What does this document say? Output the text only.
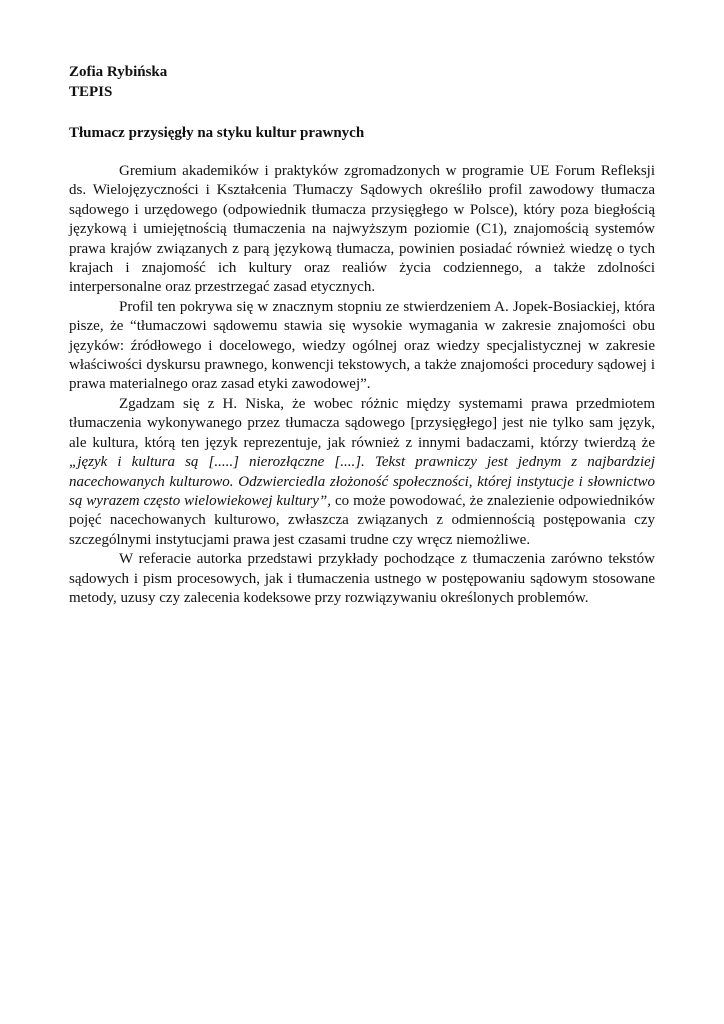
Zofia Rybińska
TEPIS
Tłumacz przysięgły na styku kultur prawnych

Gremium akademików i praktyków zgromadzonych w programie UE Forum Refleksji ds. Wielojęzyczności i Kształcenia Tłumaczy Sądowych określiło profil zawodowy tłumacza sądowego i urzędowego (odpowiednik tłumacza przysięgłego w Polsce), który poza biegłością językową i umiejętnością tłumaczenia na najwyższym poziomie (C1), znajomością systemów prawa krajów związanych z parą językową tłumacza, powinien posiadać również wiedzę o tych krajach i znajomość ich kultury oraz realiów życia codziennego, a także zdolności interpersonalne oraz przestrzegać zasad etycznych.

Profil ten pokrywa się w znacznym stopniu ze stwierdzeniem A. Jopek-Bosiackiej, która pisze, że “tłumaczowi sądowemu stawia się wysokie wymagania w zakresie znajomości obu języków: źródłowego i docelowego, wiedzy ogólnej oraz wiedzy specjalistycznej w zakresie właściwości dyskursu prawnego, konwencji tekstowych, a także znajomości procedury sądowej i prawa materialnego oraz zasad etyki zawodowej”.

Zgadzam się z H. Niska, że wobec różnic między systemami prawa przedmiotem tłumaczenia wykonywanego przez tłumacza sądowego [przysięgłego] jest nie tylko sam język, ale kultura, którą ten język reprezentuje, jak również z innymi badaczami, którzy twierdzą że „język i kultura są [.....] nierozłączne [....]. Tekst prawniczy jest jednym z najbardziej nacechowanych kulturowo. Odzwierciedla złożoność społeczności, której instytucje i słownictwo są wyrazem często wielowiekowej kultury”, co może powodować, że znalezienie odpowiedników pojęć nacechowanych kulturowo, zwłaszcza związanych z odmiennością postępowania czy szczególnymi instytucjami prawa jest czasami trudne czy wręcz niemożliwe.

W referacie autorka przedstawi przykłady pochodzące z tłumaczenia zarówno tekstów sądowych i pism procesowych, jak i tłumaczenia ustnego w postępowaniu sądowym stosowane metody, uzusy czy zalecenia kodeksowe przy rozwiązywaniu określonych problemów.
